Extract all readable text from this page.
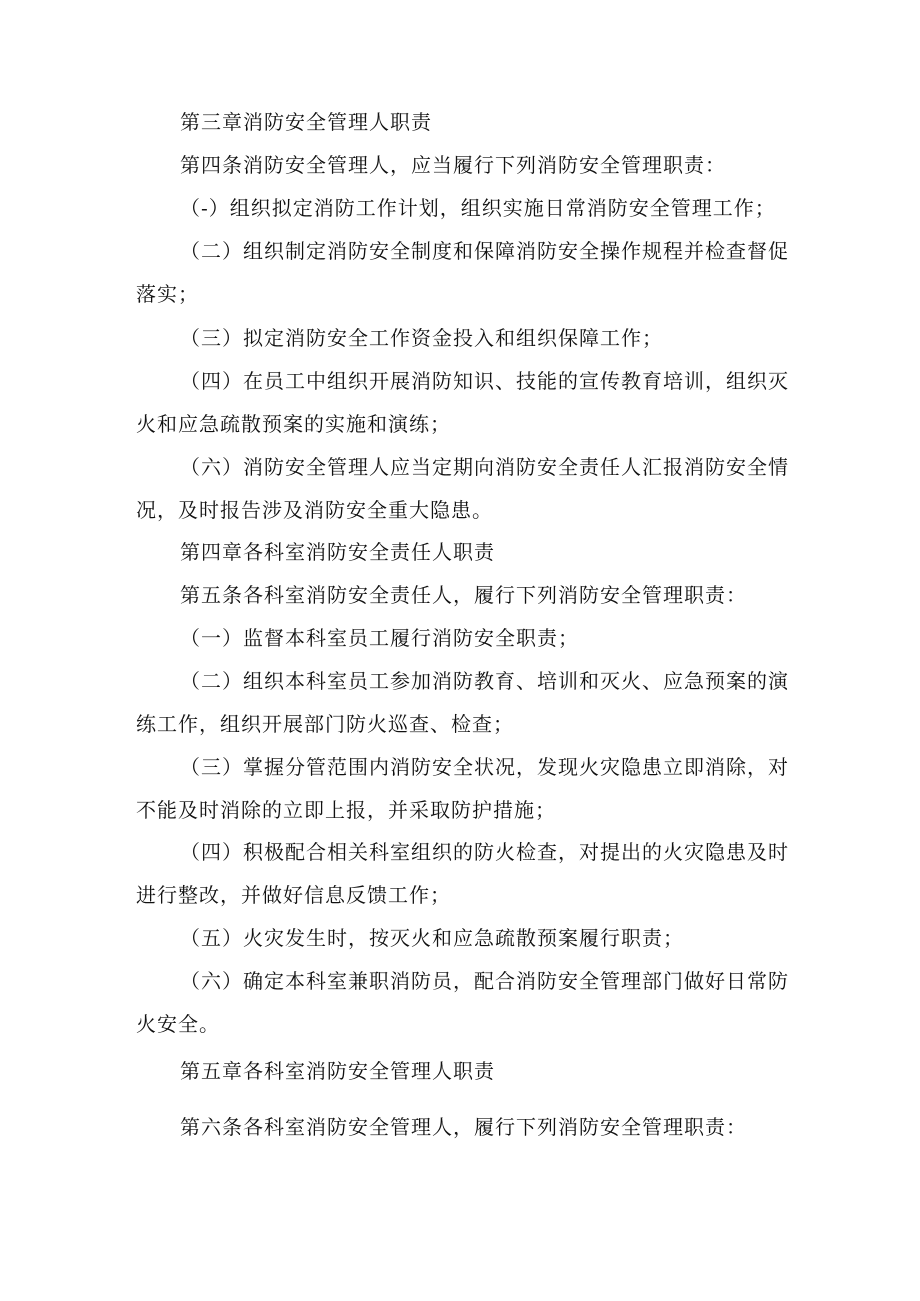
第三章消防安全管理人职责

第四条消防安全管理人，应当履行下列消防安全管理职责：

（-）组织拟定消防工作计划，组织实施日常消防安全管理工作；

（二）组织制定消防安全制度和保障消防安全操作规程并检查督促落实；

（三）拟定消防安全工作资金投入和组织保障工作；

（四）在员工中组织开展消防知识、技能的宣传教育培训，组织灭火和应急疏散预案的实施和演练；

（六）消防安全管理人应当定期向消防安全责任人汇报消防安全情况，及时报告涉及消防安全重大隐患。

第四章各科室消防安全责任人职责

第五条各科室消防安全责任人，履行下列消防安全管理职责：

（一）监督本科室员工履行消防安全职责；

（二）组织本科室员工参加消防教育、培训和灭火、应急预案的演练工作，组织开展部门防火巡查、检查；

（三）掌握分管范围内消防安全状况，发现火灾隐患立即消除，对不能及时消除的立即上报，并采取防护措施；

（四）积极配合相关科室组织的防火检查，对提出的火灾隐患及时进行整改，并做好信息反馈工作；

（五）火灾发生时，按灭火和应急疏散预案履行职责；

（六）确定本科室兼职消防员，配合消防安全管理部门做好日常防火安全。

第五章各科室消防安全管理人职责

第六条各科室消防安全管理人，履行下列消防安全管理职责：
